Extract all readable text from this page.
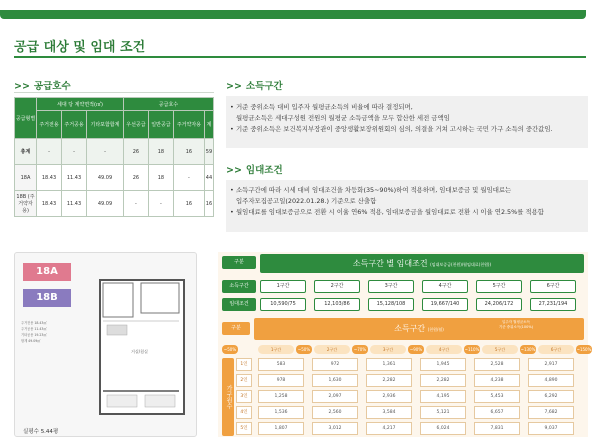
공급 대상 및 임대 조건
>> 공급호수
공급형별	세대 당 계약면적(㎡)			공급호수			
	주거전용	주거공용	기타포함합계	우선공급	일반공급	주거약자용	계
총계	-	-	-	26	18	16	59
18A	18.43	11.43	49.09	26	18	-	44
18B (주거약자용)	18.43	11.43	49.09	-	-	16	16
>> 소득구간
• 거준 중위소득 대비 입주자 월평균소득의 비율에 따라 결정되며,
월평균소득은 세대구성원 전원의 월평균 소득금액을 모두 합산한 세전 금액임
• 기준 중위소득은 보건복지부장관이 중앙생활보장위원회의 심의, 의결을 거쳐 고시하는 국민 가구 소득의 중간값임.
>> 임대조건
• 소득구간에 따라 시세 대비 임대조건을 차등화(35~90%)하여 적용하며, 임대보증금 및 월임대료는
입주자모집공고일(2022.01.28.) 기준으로 산출함
• 월임대료를 임대보증금으로 전환 시 이율 연6% 적용, 임대보증금을 월임대료로 전환 시 이율 연2.5%를 적용함
18A
18B
주거전용 18.43㎡
주거공용 11.43㎡
기타공용 19.23㎡
합계 49.09㎡
거실/침실
실평수 5.44평
구분	소득구간 별 임대조건 (임대보증금(천원)/월임대료(천원))
소득구간	1구간	2구간	3구간	4구간	5구간	6구간
임대조건	10,590/75	12,103/86	15,128/108	19,667/140	24,206/172	27,231/194
구분	소득구간 (천원/월)
입주자 월평균소득
기준 중위소득(100%)
~50%	1구간	~50%	2구간	~70%	3구간	~90%	4구간	~110%	5구간	~130%	6구간	~150%
가구원수
1인	583	972	1,361	1,945	2,528	2,917
2인	978	1,630	2,282	2,282	4,238	4,890
3인	1,258	2,097	2,936	4,195	5,453	6,292
4인	1,536	2,560	3,584	5,121	6,657	7,682
5인	1,807	3,012	4,217	6,024	7,831	9,037
